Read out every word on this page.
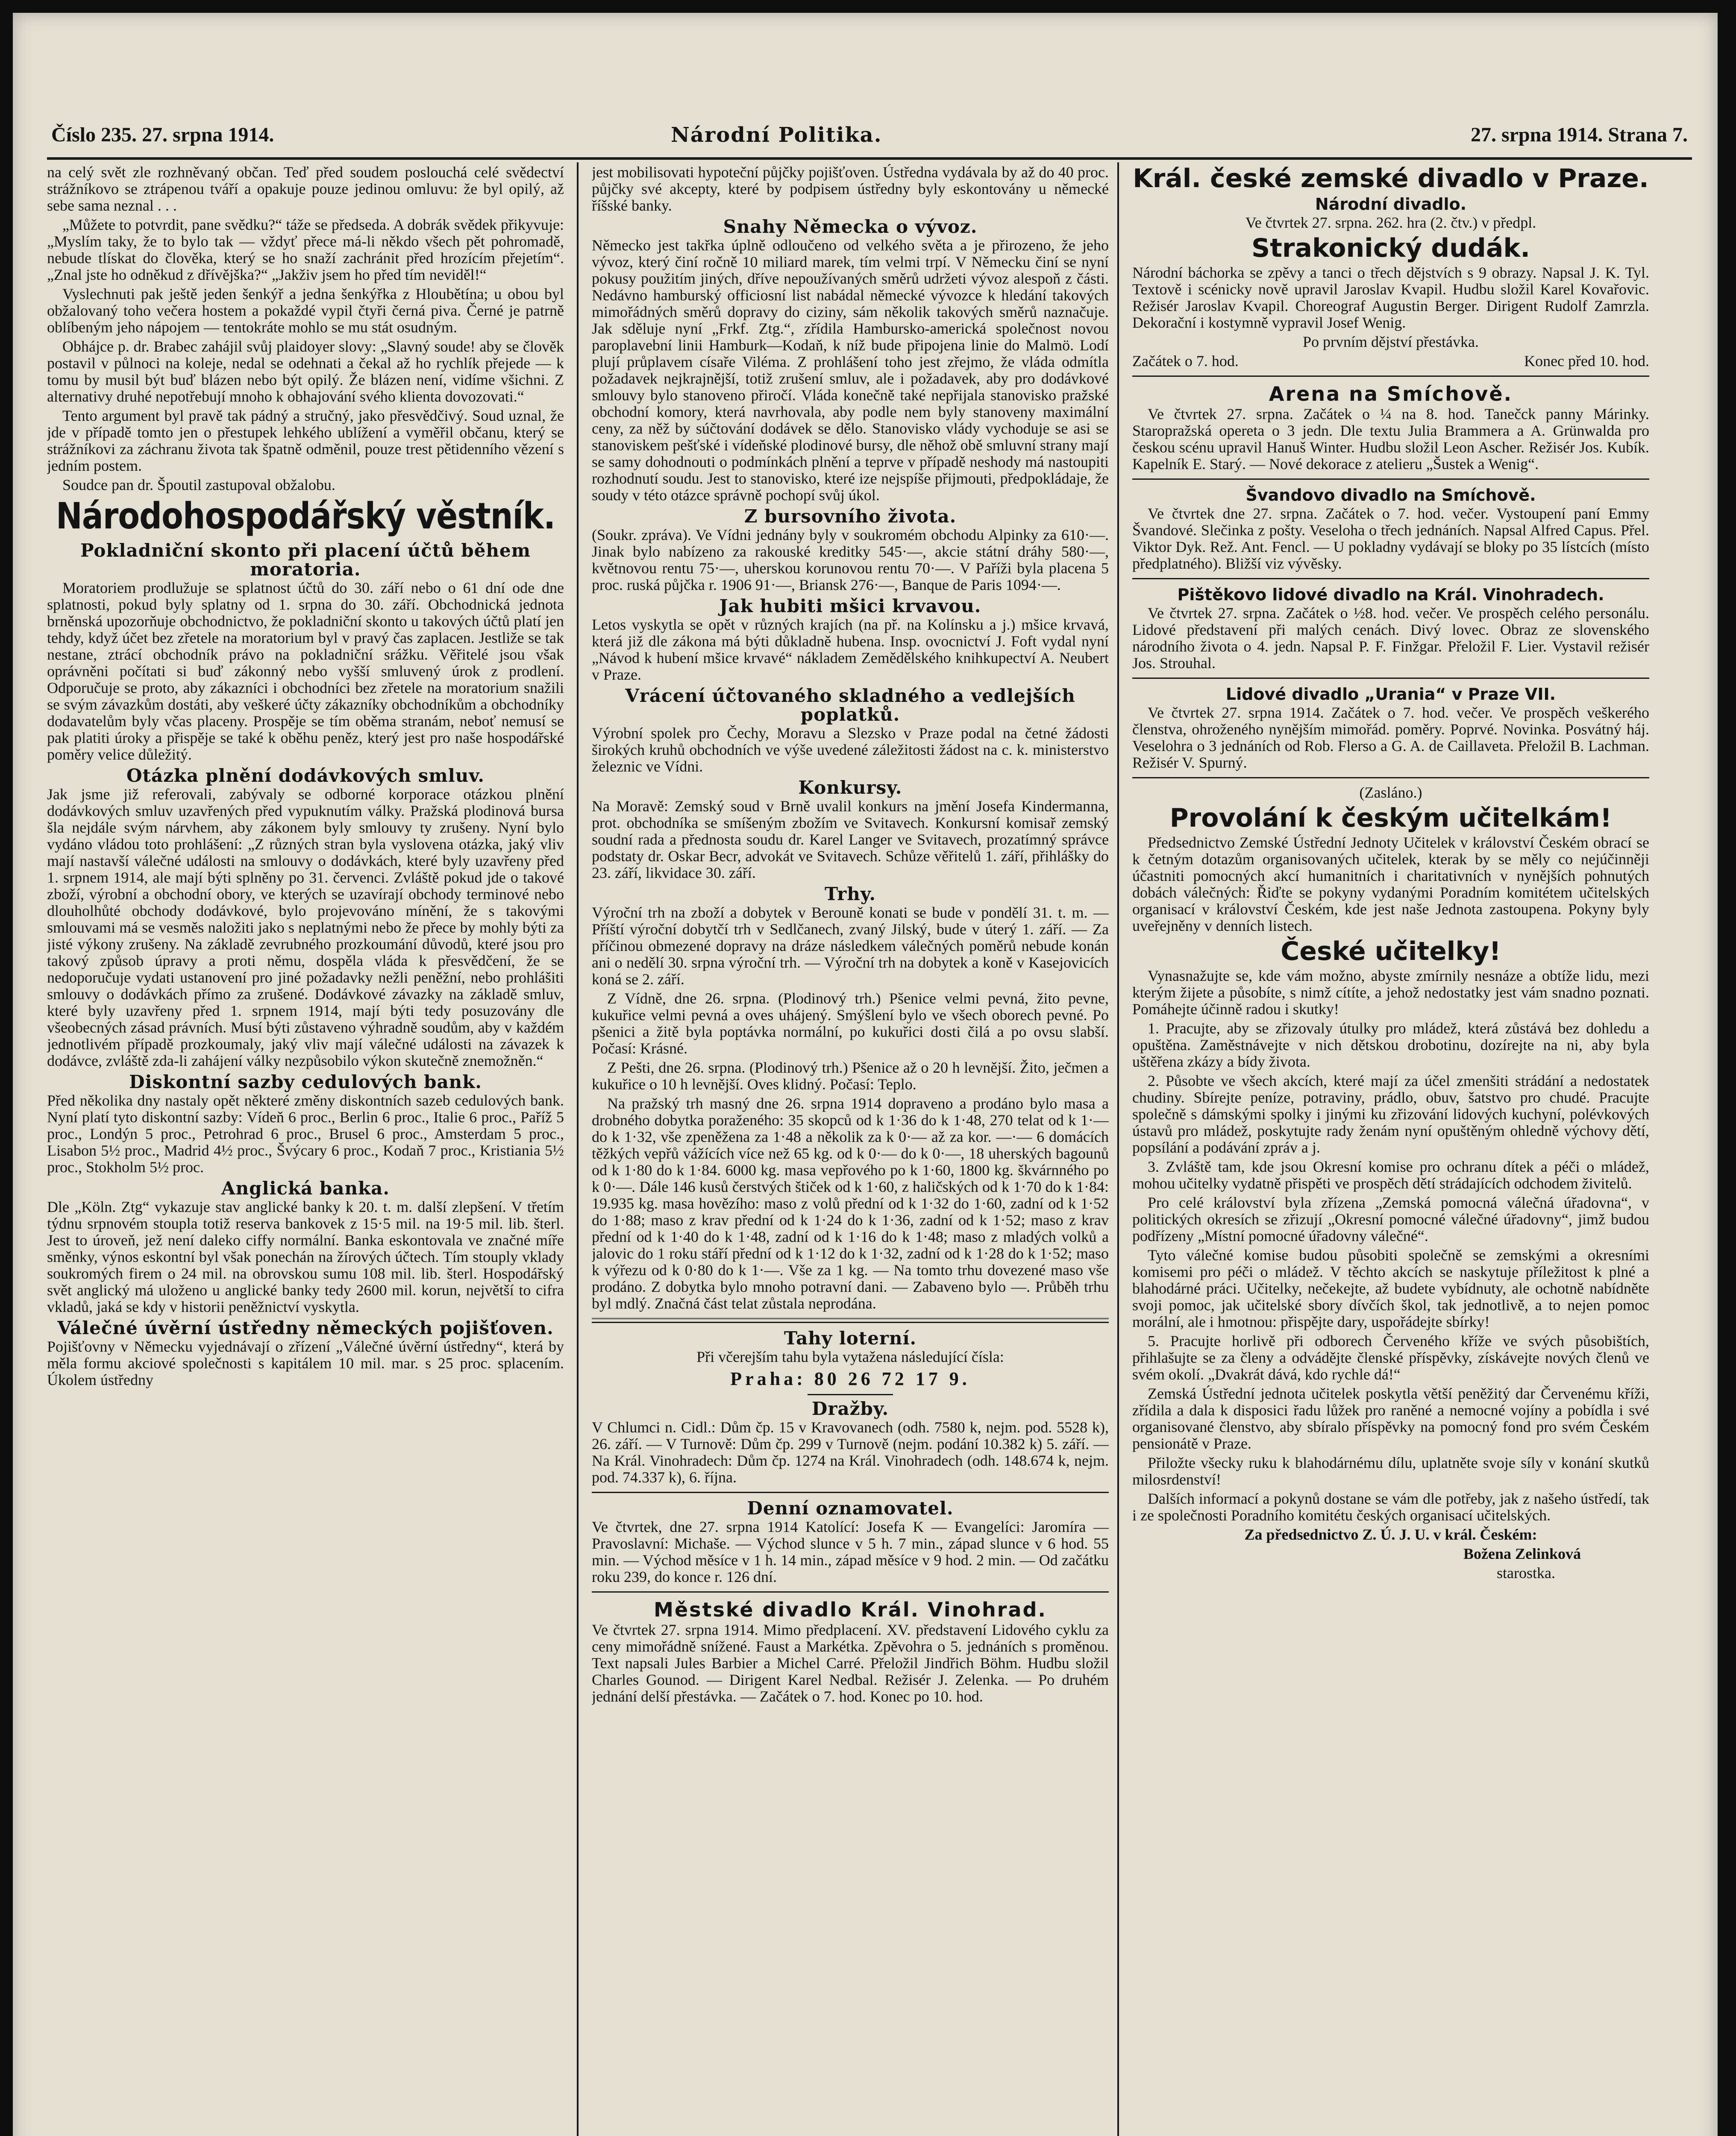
Číslo 235. 27. srpna 1914.	Národní Politika.	27. srpna 1914. Strana 7.

na celý svět zle rozhněvaný občan. Teď před soudem poslouchá celé svědectví strážníkovo se ztrápenou tváří a opakuje pouze jedinou omluvu: že byl opilý, až sebe sama neznal . . .

„Můžete to potvrdit, pane svědku?“ táže se předseda. A dobrák svědek přikyvuje: „Myslím taky, že to bylo tak — vždyť přece má-li někdo všech pět pohromadě, nebude tlískat do člověka, který se ho snaží zachránit před hrozícím přejetím“. „Znal jste ho odněkud z dřívějška?“ „Jakživ jsem ho před tím neviděl!“

Vyslechnuti pak ještě jeden šenkýř a jedna šenkýřka z Hloubětína; u obou byl obžalovaný toho večera hostem a pokaždé vypil čtyři černá piva. Černé je patrně oblíbeným jeho nápojem — tentokráte mohlo se mu stát osudným.

Obhájce p. dr. Brabec zahájil svůj plaidoyer slovy: „Slavný soude! aby se člověk postavil v půlnoci na koleje, nedal se odehnati a čekal až ho rychlík přejede — k tomu by musil být buď blázen nebo být opilý. Že blázen není, vidíme všichni. Z alternativy druhé nepotřebují mnoho k obhajování svého klienta dovozovati.“

Tento argument byl pravě tak pádný a stručný, jako přesvědčivý. Soud uznal, že jde v případě tomto jen o přestupek lehkého ublížení a vyměřil občanu, který se strážníkovi za záchranu života tak špatně odměnil, pouze trest pětidenního vězení s jedním postem.

Soudce pan dr. Špoutil zastupoval obžalobu.

Národohospodářský věstník.
Pokladniční skonto při placení účtů během moratoria.

Moratoriem prodlužuje se splatnost účtů do 30. září nebo o 61 dní ode dne splatnosti, pokud byly splatny od 1. srpna do 30. září. Obchodnická jednota brněnská upozorňuje obchodnictvo, že pokladniční skonto u takových účtů platí jen tehdy, když účet bez zřetele na moratorium byl v pravý čas zaplacen. Jestliže se tak nestane, ztrácí obchodník právo na pokladniční srážku. Věřitelé jsou však oprávněni počítati si buď zákonný nebo vyšší smluvený úrok z prodlení. Odporučuje se proto, aby zákazníci i obchodníci bez zřetele na moratorium snažili se svým závazkům dostáti, aby veškeré účty zákazníky obchodníkům a obchodníky dodavatelům byly včas placeny. Prospěje se tím oběma stranám, neboť nemusí se pak platiti úroky a přispěje se také k oběhu peněz, který jest pro naše hospodářské poměry velice důležitý.

Otázka plnění dodávkových smluv.

Jak jsme již referovali, zabývaly se odborné korporace otázkou plnění dodávkových smluv uzavřených před vypuknutím války. Pražská plodinová bursa šla nejdále svým nárvhem, aby zákonem byly smlouvy ty zrušeny. Nyní bylo vydáno vládou toto prohlášení: „Z různých stran byla vyslovena otázka, jaký vliv mají nastavší válečné události na smlouvy o dodávkách, které byly uzavřeny před 1. srpnem 1914, ale mají býti splněny po 31. červenci. Zvláště pokud jde o takové zboží, výrobní a obchodní obory, ve kterých se uzavírají obchody terminové nebo dlouholhůté obchody dodávkové, bylo projevováno mínění, že s takovými smlouvami má se vesměs naložiti jako s neplatnými nebo že přece by mohly býti za jisté výkony zrušeny. Na základě zevrubného prozkoumání důvodů, které jsou pro takový způsob úpravy a proti němu, dospěla vláda k přesvědčení, že se nedoporučuje vydati ustanovení pro jiné požadavky nežli peněžní, nebo prohlášiti smlouvy o dodávkách přímo za zrušené. Dodávkové závazky na základě smluv, které byly uzavřeny před 1. srpnem 1914, mají býti tedy posuzovány dle všeobecných zásad právních. Musí býti zůstaveno výhradně soudům, aby v každém jednotlivém případě prozkoumaly, jaký vliv mají válečné události na závazek k dodávce, zvláště zda-li zahájení války nezpůsobilo výkon skutečně znemožněn.“

Diskontní sazby cedulových bank.

Před několika dny nastaly opět některé změny diskontních sazeb cedulových bank. Nyní platí tyto diskontní sazby: Vídeň 6 proc., Berlin 6 proc., Italie 6 proc., Paříž 5 proc., Londýn 5 proc., Petrohrad 6 proc., Brusel 6 proc., Amsterdam 5 proc., Lisabon 5½ proc., Madrid 4½ proc., Švýcary 6 proc., Kodaň 7 proc., Kristiania 5½ proc., Stokholm 5½ proc.

Anglická banka.

Dle „Köln. Ztg“ vykazuje stav anglické banky k 20. t. m. další zlepšení. V třetím týdnu srpnovém stoupla totiž reserva bankovek z 15·5 mil. na 19·5 mil. lib. šterl. Jest to úroveň, jež není daleko ciffy normální. Banka eskontovala ve značné míře směnky, výnos eskontní byl však ponechán na žírových účtech. Tím stouply vklady soukromých firem o 24 mil. na obrovskou sumu 108 mil. lib. šterl. Hospodářský svět anglický má uloženo u anglické banky tedy 2600 mil. korun, největší to cifra vkladů, jaká se kdy v historii peněžnictví vyskytla.

Válečné úvěrní ústředny německých pojišťoven.

Pojišťovny v Německu vyjednávají o zřízení „Válečné úvěrní ústředny“, která by měla formu akciové společnosti s kapitálem 10 mil. mar. s 25 proc. splacením. Úkolem ústředny

jest mobilisovati hypoteční půjčky pojišťoven. Ústředna vydávala by až do 40 proc. půjčky své akcepty, které by podpisem ústředny byly eskontovány u německé říšské banky.

Snahy Německa o vývoz.

Německo jest takřka úplně odloučeno od velkého světa a je přirozeno, že jeho vývoz, který činí ročně 10 miliard marek, tím velmi trpí. V Německu činí se nyní pokusy použitím jiných, dříve nepoužívaných směrů udržeti vývoz alespoň z části. Nedávno hamburský officiosní list nabádal německé vývozce k hledání takových mimořádných směrů dopravy do ciziny, sám několik takových směrů naznačuje. Jak sděluje nyní „Frkf. Ztg.“, zřídila Hambursko-americká společnost novou paroplavební linii Hamburk—Kodaň, k níž bude připojena linie do Malmö. Lodí plují průplavem císaře Viléma. Z prohlášení toho jest zřejmo, že vláda odmítla požadavek nejkrajnější, totiž zrušení smluv, ale i požadavek, aby pro dodávkové smlouvy bylo stanoveno přiročí. Vláda konečně také nepřijala stanovisko pražské obchodní komory, která navrhovala, aby podle nem byly stanoveny maximální ceny, za něž by súčtování dodávek se dělo. Stanovisko vlády vychoduje se asi se stanoviskem pešťské i vídeňské plodinové bursy, dle něhož obě smluvní strany mají se samy dohodnouti o podmínkách plnění a teprve v případě neshody má nastoupiti rozhodnutí soudu. Jest to stanovisko, které ize nejspíše přijmouti, předpokládaje, že soudy v této otázce správně pochopí svůj úkol.

Z bursovního života.

(Soukr. zpráva). Ve Vídni jednány byly v soukromém obchodu Alpinky za 610·—. Jinak bylo nabízeno za rakouské kreditky 545·—, akcie státní dráhy 580·—, květnovou rentu 75·—, uherskou korunovou rentu 70·—. V Paříži byla placena 5 proc. ruská půjčka r. 1906 91·—, Briansk 276·—, Banque de Paris 1094·—.

Jak hubiti mšici krvavou.

Letos vyskytla se opět v různých krajích (na př. na Kolínsku a j.) mšice krvavá, která již dle zákona má býti důkladně hubena. Insp. ovocnictví J. Foft vydal nyní „Návod k hubení mšice krvavé“ nákladem Zemědělského knihkupectví A. Neubert v Praze.

Vrácení účtovaného skladného a vedlejších poplatků.

Výrobní spolek pro Čechy, Moravu a Slezsko v Praze podal na četné žádosti širokých kruhů obchodních ve výše uvedené záležitosti žádost na c. k. ministerstvo železnic ve Vídni.

Konkursy.

Na Moravě: Zemský soud v Brně uvalil konkurs na jmění Josefa Kindermanna, prot. obchodníka se smíšeným zbožím ve Svitavech. Konkursní komisař zemský soudní rada a přednosta soudu dr. Karel Langer ve Svitavech, prozatímný správce podstaty dr. Oskar Becr, advokát ve Svitavech. Schůze věřitelů 1. září, přihlášky do 23. září, likvidace 30. září.

Trhy.

Výroční trh na zboží a dobytek v Berouně konati se bude v pondělí 31. t. m. — Příští výroční dobytčí trh v Sedlčanech, zvaný Jilský, bude v úterý 1. září. — Za příčinou obmezené dopravy na dráze následkem válečných poměrů nebude konán ani o nedělí 30. srpna výroční trh. — Výroční trh na dobytek a koně v Kasejovicích koná se 2. září.

Z Vídně, dne 26. srpna. (Plodinový trh.) Pšenice velmi pevná, žito pevne, kukuřice velmi pevná a oves uhájený. Smýšlení bylo ve všech oborech pevné. Po pšenici a žitě byla poptávka normální, po kukuřici dosti čilá a po ovsu slabší. Počasí: Krásné.

Z Pešti, dne 26. srpna. (Plodinový trh.) Pšenice až o 20 h levnější. Žito, ječmen a kukuřice o 10 h levnější. Oves klidný. Počasí: Teplo.

Na pražský trh masný dne 26. srpna 1914 dopraveno a prodáno bylo masa a drobného dobytka poraženého: 35 skopců od k 1·36 do k 1·48, 270 telat od k 1·— do k 1·32, vše zpeněžena za 1·48 a několik za k 0·— až za kor. —·— 6 domácích těžkých vepřů vážících více než 65 kg. od k 0·— do k 0·—, 18 uherských bagounů od k 1·80 do k 1·84. 6000 kg. masa vepřového po k 1·60, 1800 kg. škvárnného po k 0·—. Dále 146 kusů čerstvých štiček od k 1·60, z haličských od k 1·70 do k 1·84: 19.935 kg. masa hovězího: maso z volů přední od k 1·32 do 1·60, zadní od k 1·52 do 1·88; maso z krav přední od k 1·24 do k 1·36, zadní od k 1·52; maso z krav přední od k 1·40 do k 1·48, zadní od k 1·16 do k 1·48; maso z mladých volků a jalovic do 1 roku stáří přední od k 1·12 do k 1·32, zadní od k 1·28 do k 1·52; maso k výřezu od k 0·80 do k 1·—. Vše za 1 kg. — Na tomto trhu dovezené maso vše prodáno. Z dobytka bylo mnoho potravní dani. — Zabaveno bylo —. Průběh trhu byl mdlý. Značná část telat zůstala neprodána.

Tahy loterní.

Při včerejším tahu byla vytažena následující čísla:

Praha: 80 26 72 17 9.
Dražby.

V Chlumci n. Cidl.: Dům čp. 15 v Kravovanech (odh. 7580 k, nejm. pod. 5528 k), 26. září. — V Turnově: Dům čp. 299 v Turnově (nejm. podání 10.382 k) 5. září. — Na Král. Vinohradech: Dům čp. 1274 na Král. Vinohradech (odh. 148.674 k, nejm. pod. 74.337 k), 6. října.

Denní oznamovatel.

Ve čtvrtek, dne 27. srpna 1914 Katolící: Josefa K — Evangelíci: Jaromíra — Pravoslavní: Michaše. — Východ slunce v 5 h. 7 min., západ slunce v 6 hod. 55 min. — Východ měsíce v 1 h. 14 min., západ měsíce v 9 hod. 2 min. — Od začátku roku 239, do konce r. 126 dní.

Městské divadlo Král. Vinohrad.

Ve čtvrtek 27. srpna 1914. Mimo předplacení. XV. představení Lidového cyklu za ceny mimořádně snížené. Faust a Markétka. Zpěvohra o 5. jednáních s proměnou. Text napsali Jules Barbier a Michel Carré. Přeložil Jindřich Böhm. Hudbu složil Charles Gounod. — Dirigent Karel Nedbal. Režisér J. Zelenka. — Po druhém jednání delší přestávka. — Začátek o 7. hod. Konec po 10. hod.

Král. české zemské divadlo v Praze.
Národní divadlo.

Ve čtvrtek 27. srpna. 262. hra (2. čtv.) v předpl.

Strakonický dudák.

Národní báchorka se zpěvy a tanci o třech dějstvích s 9 obrazy. Napsal J. K. Tyl. Textově i scénicky nově upravil Jaroslav Kvapil. Hudbu složil Karel Kovařovic. Režisér Jaroslav Kvapil. Choreograf Augustin Berger. Dirigent Rudolf Zamrzla. Dekorační i kostymně vypravil Josef Wenig.

Po prvním dějství přestávka.

Začátek o 7. hod.	Konec před 10. hod.

Arena na Smíchově.

Ve čtvrtek 27. srpna. Začátek o ¼ na 8. hod. Tanečck panny Márinky. Staropražská opereta o 3 jedn. Dle textu Julia Brammera a A. Grünwalda pro českou scénu upravil Hanuš Winter. Hudbu složil Leon Ascher. Režisér Jos. Kubík. Kapelník E. Starý. — Nové dekorace z atelieru „Šustek a Wenig“.

Švandovo divadlo na Smíchově.

Ve čtvrtek dne 27. srpna. Začátek o 7. hod. večer. Vystoupení paní Emmy Švandové. Slečinka z pošty. Veseloha o třech jednáních. Napsal Alfred Capus. Přel. Viktor Dyk. Rež. Ant. Fencl. — U pokladny vydávají se bloky po 35 lístcích (místo předplatného). Bližší viz vývěsky.

Pištěkovo lidové divadlo na Král. Vinohradech.

Ve čtvrtek 27. srpna. Začátek o ½8. hod. večer. Ve prospěch celého personálu. Lidové představení při malých cenách. Divý lovec. Obraz ze slovenského národního života o 4. jedn. Napsal P. F. Finžgar. Přeložil F. Lier. Vystavil režisér Jos. Strouhal.

Lidové divadlo „Urania“ v Praze VII.

Ve čtvrtek 27. srpna 1914. Začátek o 7. hod. večer. Ve prospěch veškerého členstva, ohroženého nynějším mimořád. poměry. Poprvé. Novinka. Posvátný háj. Veselohra o 3 jednáních od Rob. Flerso a G. A. de Caillaveta. Přeložil B. Lachman. Režisér V. Spurný.

(Zasláno.)

Provolání k českým učitelkám!

Předsednictvo Zemské Ústřední Jednoty Učitelek v království Českém obrací se k četným dotazům organisovaných učitelek, kterak by se měly co nejúčinněji účastniti pomocných akcí humanitních i charitativních v nynějších pohnutých dobách válečných: Řiďte se pokyny vydanými Poradním komitétem učitelských organisací v království Českém, kde jest naše Jednota zastoupena. Pokyny byly uveřejněny v denních listech.

České učitelky!

Vynasnažujte se, kde vám možno, abyste zmírnily nesnáze a obtíže lidu, mezi kterým žijete a působíte, s nimž cítíte, a jehož nedostatky jest vám snadno poznati. Pomáhejte účinně radou i skutky!

1. Pracujte, aby se zřizovaly útulky pro mládež, která zůstává bez dohledu a opuštěna. Zaměstnávejte v nich dětskou drobotinu, dozírejte na ni, aby byla uštěřena zkázy a bídy života.

2. Působte ve všech akcích, které mají za účel zmenšiti strádání a nedostatek chudiny. Sbírejte peníze, potraviny, prádlo, obuv, šatstvo pro chudé. Pracujte společně s dámskými spolky i jinými ku zřizování lidových kuchyní, polévkových ústavů pro mládež, poskytujte rady ženám nyní opuštěným ohledně výchovy dětí, popsílání a podávání zpráv a j.

3. Zvláště tam, kde jsou Okresní komise pro ochranu dítek a péči o mládež, mohou učitelky vydatně přispěti ve prospěch dětí strádajících odchodem živitelů.

Pro celé království byla zřízena „Zemská pomocná válečná úřadovna“, v politických okresích se zřizují „Okresní pomocné válečné úřadovny“, jimž budou podřízeny „Místní pomocné úřadovny válečné“.

Tyto válečné komise budou působiti společně se zemskými a okresními komisemi pro péči o mládež. V těchto akcích se naskytuje příležitost k plné a blahodárné práci. Učitelky, nečekejte, až budete vybídnuty, ale ochotně nabídněte svoji pomoc, jak učitelské sbory dívčích škol, tak jednotlivě, a to nejen pomoc morální, ale i hmotnou: přispějte dary, uspořádejte sbírky!

5. Pracujte horlivě při odborech Červeného kříže ve svých působištích, přihlašujte se za členy a odvádějte členské příspěvky, získávejte nových členů ve svém okolí. „Dvakrát dává, kdo rychle dá!“

Zemská Ústřední jednota učitelek poskytla větší peněžitý dar Červenému kříži, zřídila a dala k disposici řadu lůžek pro raněné a nemocné vojíny a pobídla i své organisované členstvo, aby sbíralo příspěvky na pomocný fond pro svém Českém pensionátě v Praze.

Přiložte všecky ruku k blahodárnému dílu, uplatněte svoje síly v konání skutků milosrdenství!

Dalších informací a pokynů dostane se vám dle potřeby, jak z našeho ústředí, tak i ze společnosti Poradního komitétu českých organisací učitelských.

Za předsednictvo Z. Ú. J. U. v král. Českém:

Božena Zelinková

starostka.
